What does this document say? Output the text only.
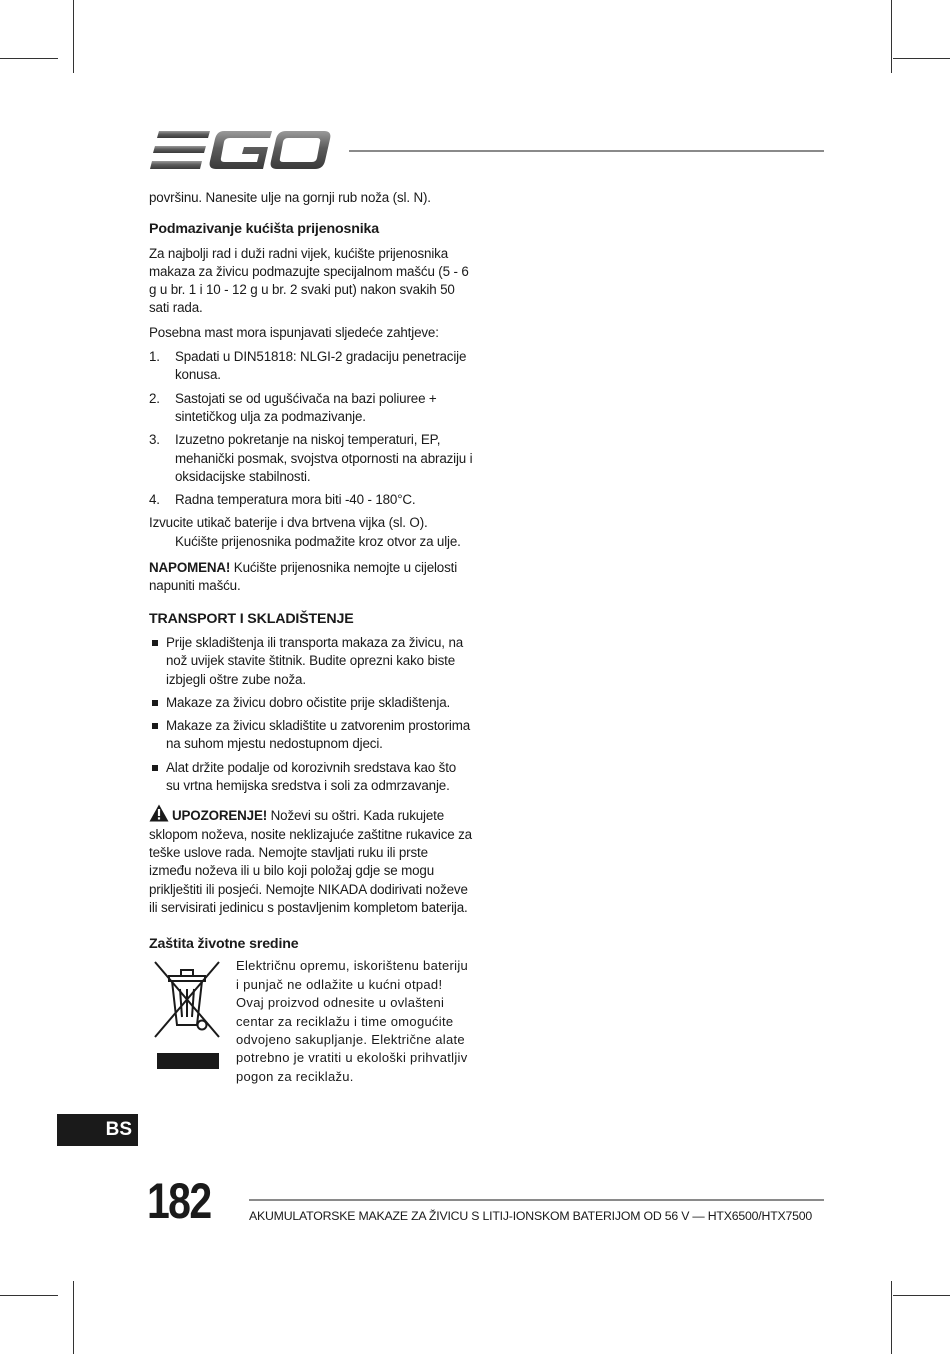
površinu. Nanesite ulje na gornji rub noža (sl. N).

Podmazivanje kućišta prijenosnika

Za najbolji rad i duži radni vijek, kućište prijenosnika makaza za živicu podmazujte specijalnom mašću (5 - 6 g u br. 1 i 10 - 12 g u br. 2 svaki put) nakon svakih 50 sati rada.

Posebna mast mora ispunjavati sljedeće zahtjeve:

1. Spadati u DIN51818: NLGI-2 gradaciju penetracije konusa.
2. Sastojati se od ugušćivača na bazi poliuree + sintetičkog ulja za podmazivanje.
3. Izuzetno pokretanje na niskoj temperaturi, EP, mehanički posmak, svojstva otpornosti na abraziju i oksidacijske stabilnosti.
4. Radna temperatura mora biti -40 - 180°C.

Izvucite utikač baterije i dva brtvena vijka (sl. O). Kućište prijenosnika podmažite kroz otvor za ulje.

NAPOMENA! Kućište prijenosnika nemojte u cijelosti napuniti mašću.

TRANSPORT I SKLADIŠTENJE
Prije skladištenja ili transporta makaza za živicu, na nož uvijek stavite štitnik. Budite oprezni kako biste izbjegli oštre zube noža.
Makaze za živicu dobro očistite prije skladištenja.
Makaze za živicu skladištite u zatvorenim prostorima na suhom mjestu nedostupnom djeci.
Alat držite podalje od korozivnih sredstava kao što su vrtna hemijska sredstva i soli za odmrzavanje.

UPOZORENJE! Noževi su oštri. Kada rukujete sklopom noževa, nosite neklizajuće zaštitne rukavice za teške uslove rada. Nemojte stavljati ruku ili prste između noževa ili u bilo koji položaj gdje se mogu priklještiti ili posjeći. Nemojte NIKADA dodirivati noževe ili servisirati jedinicu s postavljenim kompletom baterija.

Zaštita životne sredine
Električnu opremu, iskorištenu bateriju i punjač ne odlažite u kućni otpad! Ovaj proizvod odnesite u ovlašteni centar za reciklažu i time omogućite odvojeno sakupljanje. Električne alate potrebno je vratiti u ekološki prihvatljiv pogon za reciklažu.
BS
182	AKUMULATORSKE MAKAZE ZA ŽIVICU S LITIJ-IONSKOM BATERIJOM OD 56 V — HTX6500/HTX7500
